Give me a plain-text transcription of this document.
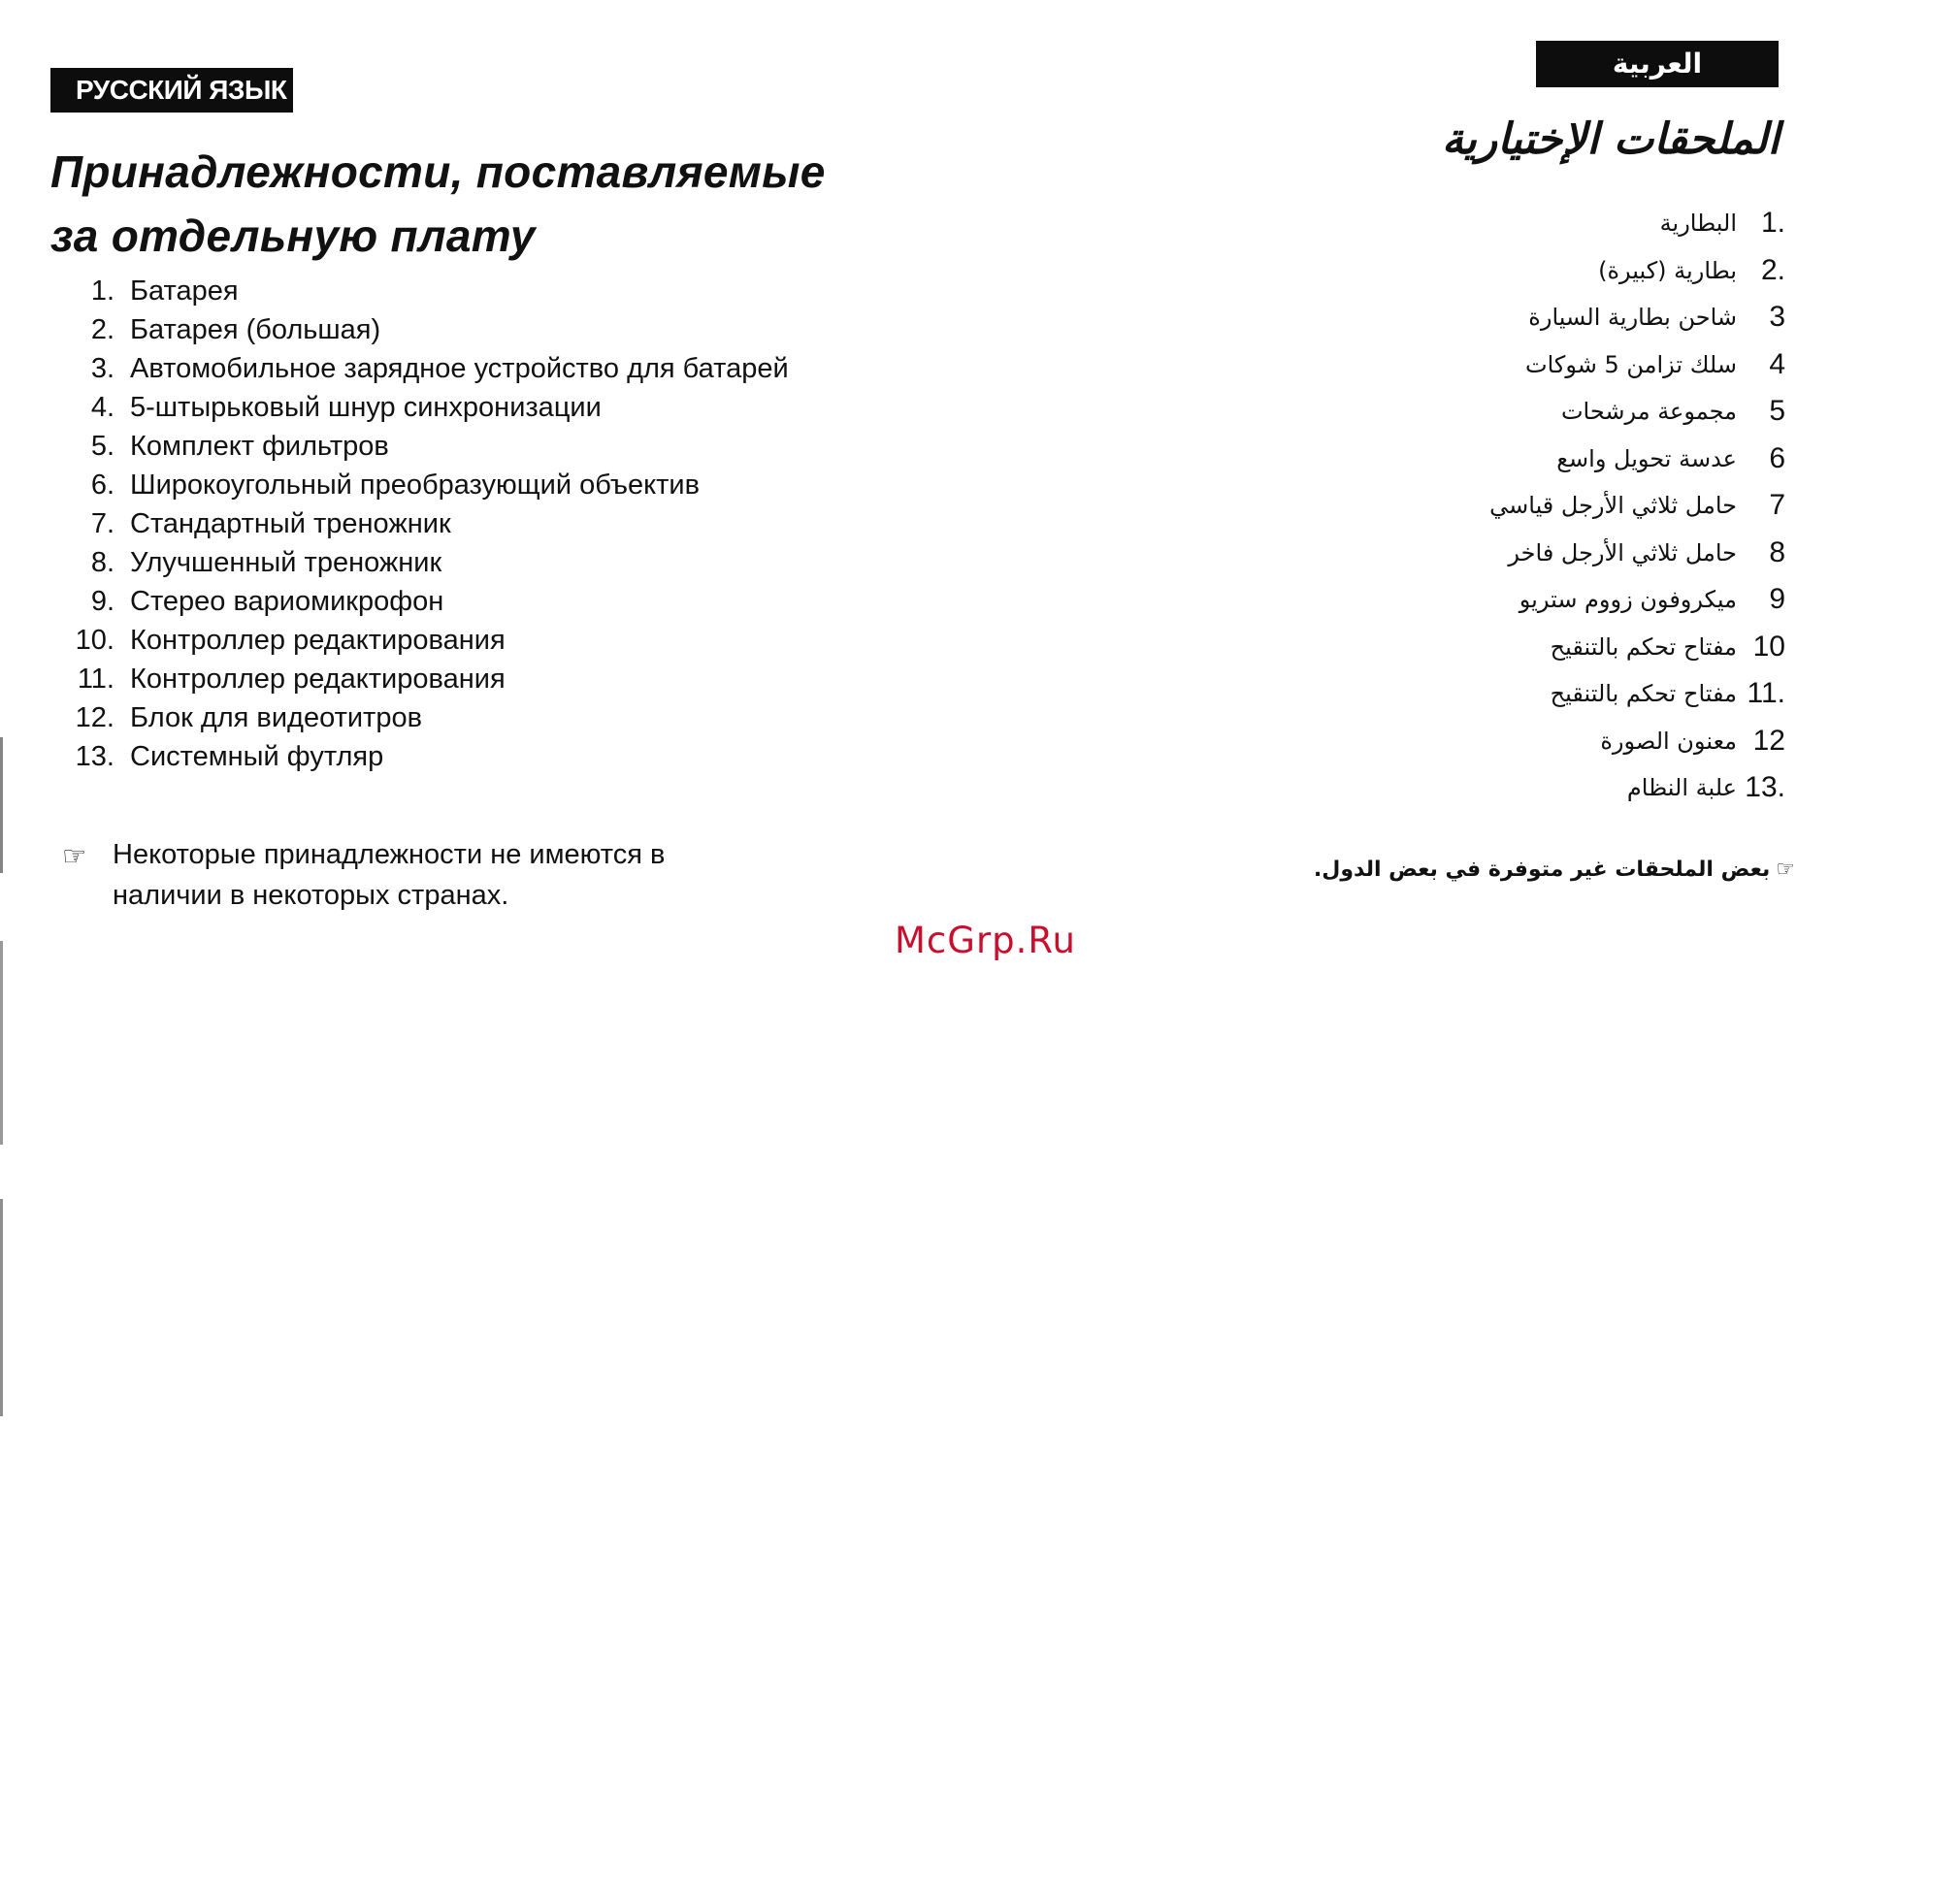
РУССКИЙ ЯЗЫК
Принадлежности, поставляемые
за отдельную плату
1. Батарея
2. Батарея (большая)
3. Автомобильное зарядное устройство для батарей
4. 5-штырьковый шнур синхронизации
5. Комплект фильтров
6. Широкоугольный преобразующий объектив
7. Стандартный треножник
8. Улучшенный треножник
9. Стерео вариомикрофон
10. Контроллер редактирования
11. Контроллер редактирования
12. Блок для видеотитров
13. Системный футляр
☞ Некоторые принадлежности не имеются в наличии в некоторых странах.
العربية
الملحقات الإختيارية
1.
البطارية
2.
بطارية (كبيرة)
3
شاحن بطارية السيارة
4
سلك تزامن 5 شوكات
5
مجموعة مرشحات
6
عدسة تحويل واسع
7
حامل ثلاثي الأرجل قياسي
8
حامل ثلاثي الأرجل فاخر
9
ميكروفون زووم ستريو
10
مفتاح تحكم بالتنقيح
11.
مفتاح تحكم بالتنقيح
12
معنون الصورة
13.
علبة النظام
☞بعض الملحقات غير متوفرة في بعض الدول.
McGrp.Ru
